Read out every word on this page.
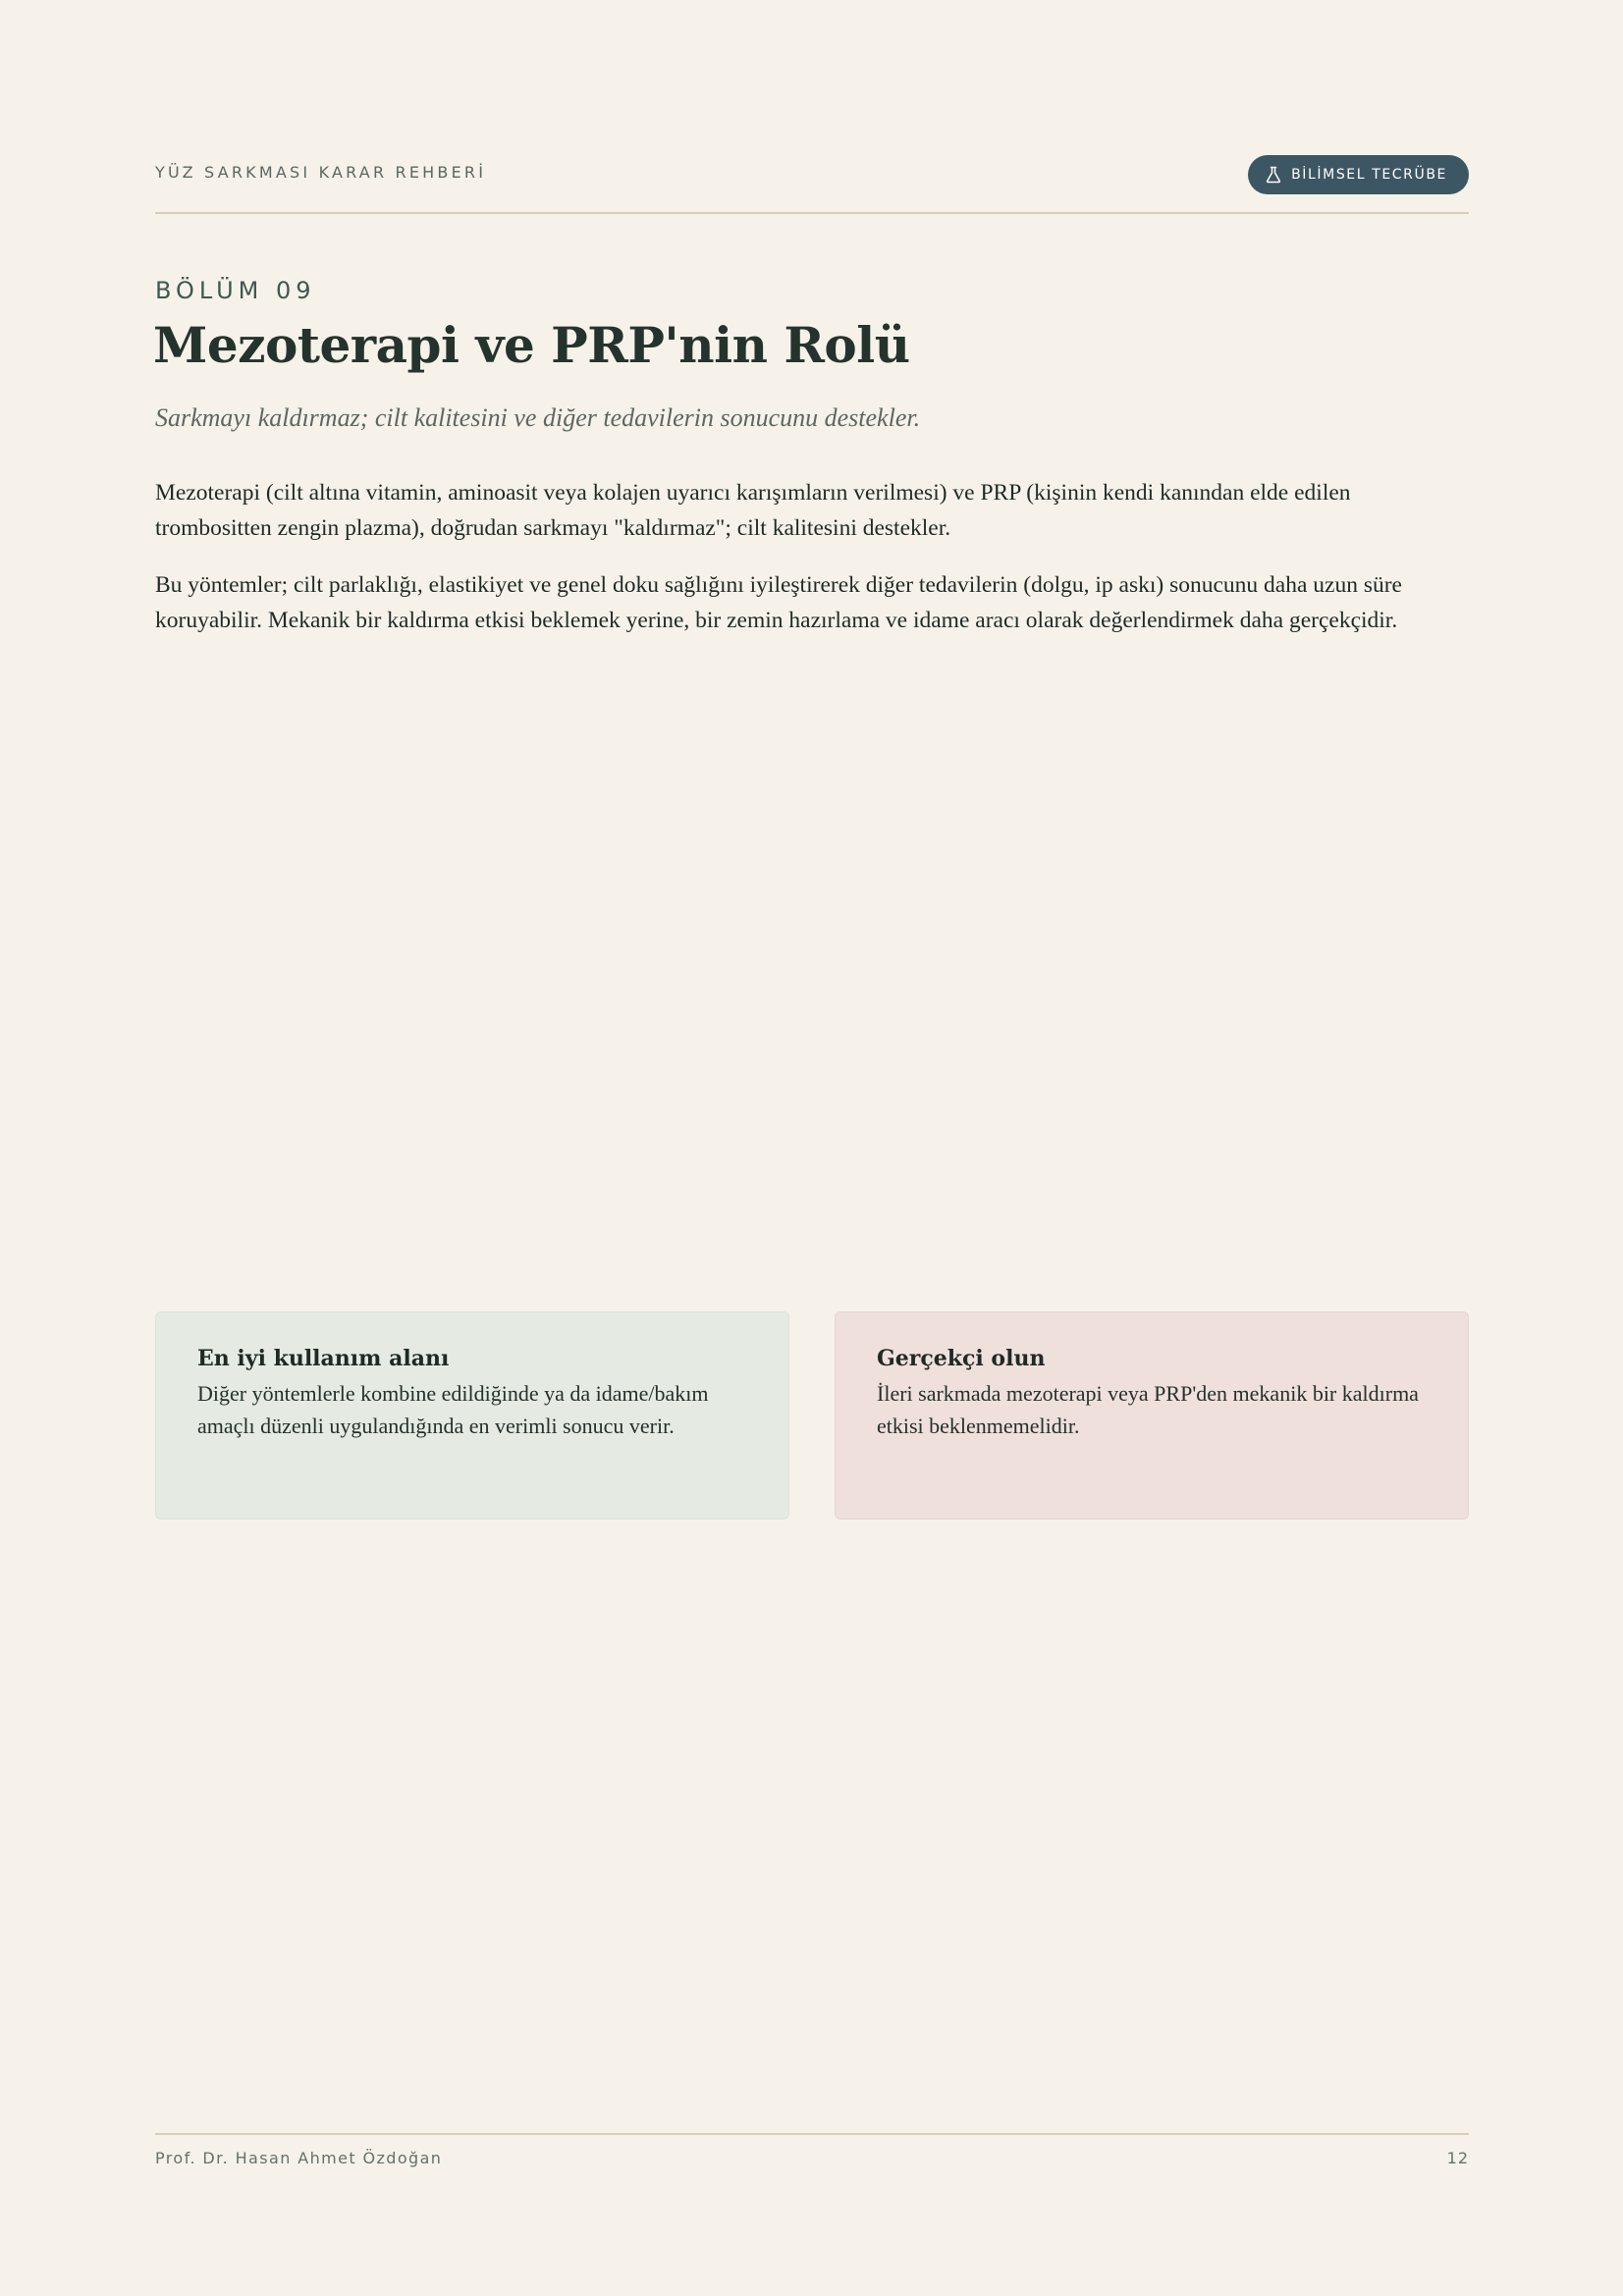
YÜZ SARKMASI KARAR REHBERİ	BİLİMSEL TECRÜBE
BÖLÜM 09
Mezoterapi ve PRP'nin Rolü
Sarkmayı kaldırmaz; cilt kalitesini ve diğer tedavilerin sonucunu destekler.

Mezoterapi (cilt altına vitamin, aminoasit veya kolajen uyarıcı karışımların verilmesi) ve PRP (kişinin kendi kanından elde edilen trombositten zengin plazma), doğrudan sarkmayı "kaldırmaz"; cilt kalitesini destekler.

Bu yöntemler; cilt parlaklığı, elastikiyet ve genel doku sağlığını iyileştirerek diğer tedavilerin (dolgu, ip askı) sonucunu daha uzun süre koruyabilir. Mekanik bir kaldırma etkisi beklemek yerine, bir zemin hazırlama ve idame aracı olarak değerlendirmek daha gerçekçidir.

En iyi kullanım alanı
Diğer yöntemlerle kombine edildiğinde ya da idame/bakım amaçlı düzenli uygulandığında en verimli sonucu verir.
Gerçekçi olun
İleri sarkmada mezoterapi veya PRP'den mekanik bir kaldırma etkisi beklenmemelidir.
Prof. Dr. Hasan Ahmet Özdoğan	12
